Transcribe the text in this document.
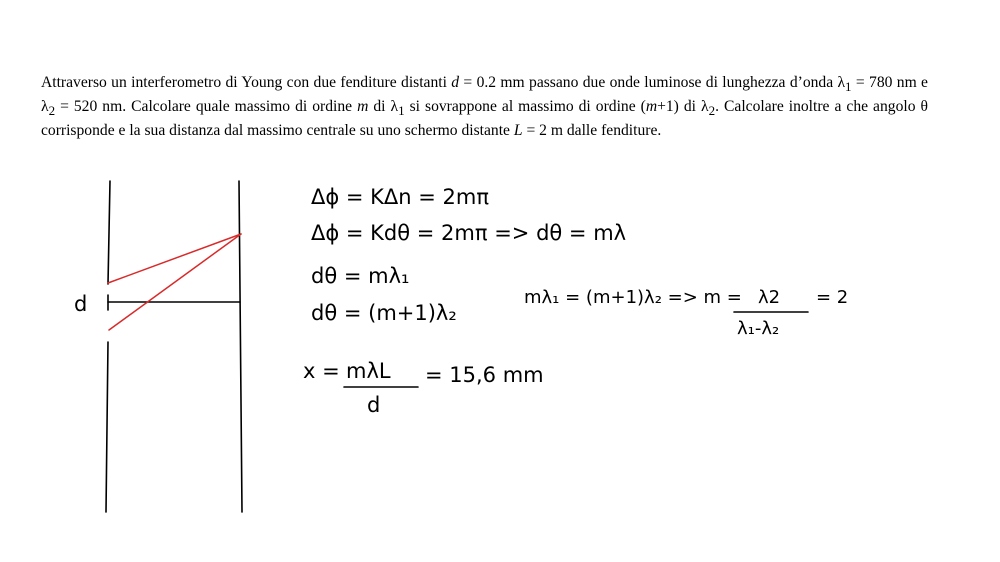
Attraverso un interferometro di Young con due fenditure distanti d = 0.2 mm passano due onde luminose di lunghezza d’onda $\lambda_1 = 780$ nm e $\lambda_2 = 520$ nm. Calcolare quale massimo di ordine m di $\lambda_1$ si sovrappone al massimo di ordine (m+1) di $\lambda_2$. Calcolare inoltre a che angolo θ corrisponde e la sua distanza dal massimo centrale su uno schermo distante L = 2 m dalle fenditure.

d
Δϕ = KΔn = 2mπ
Δϕ = Kdθ = 2mπ => dθ = mλ
dθ = mλ₁
dθ = (m+1)λ₂
mλ₁ = (m+1)λ₂ => m = λ2
λ₁-λ₂
= 2
x = mλL
d
= 15,6 mm
